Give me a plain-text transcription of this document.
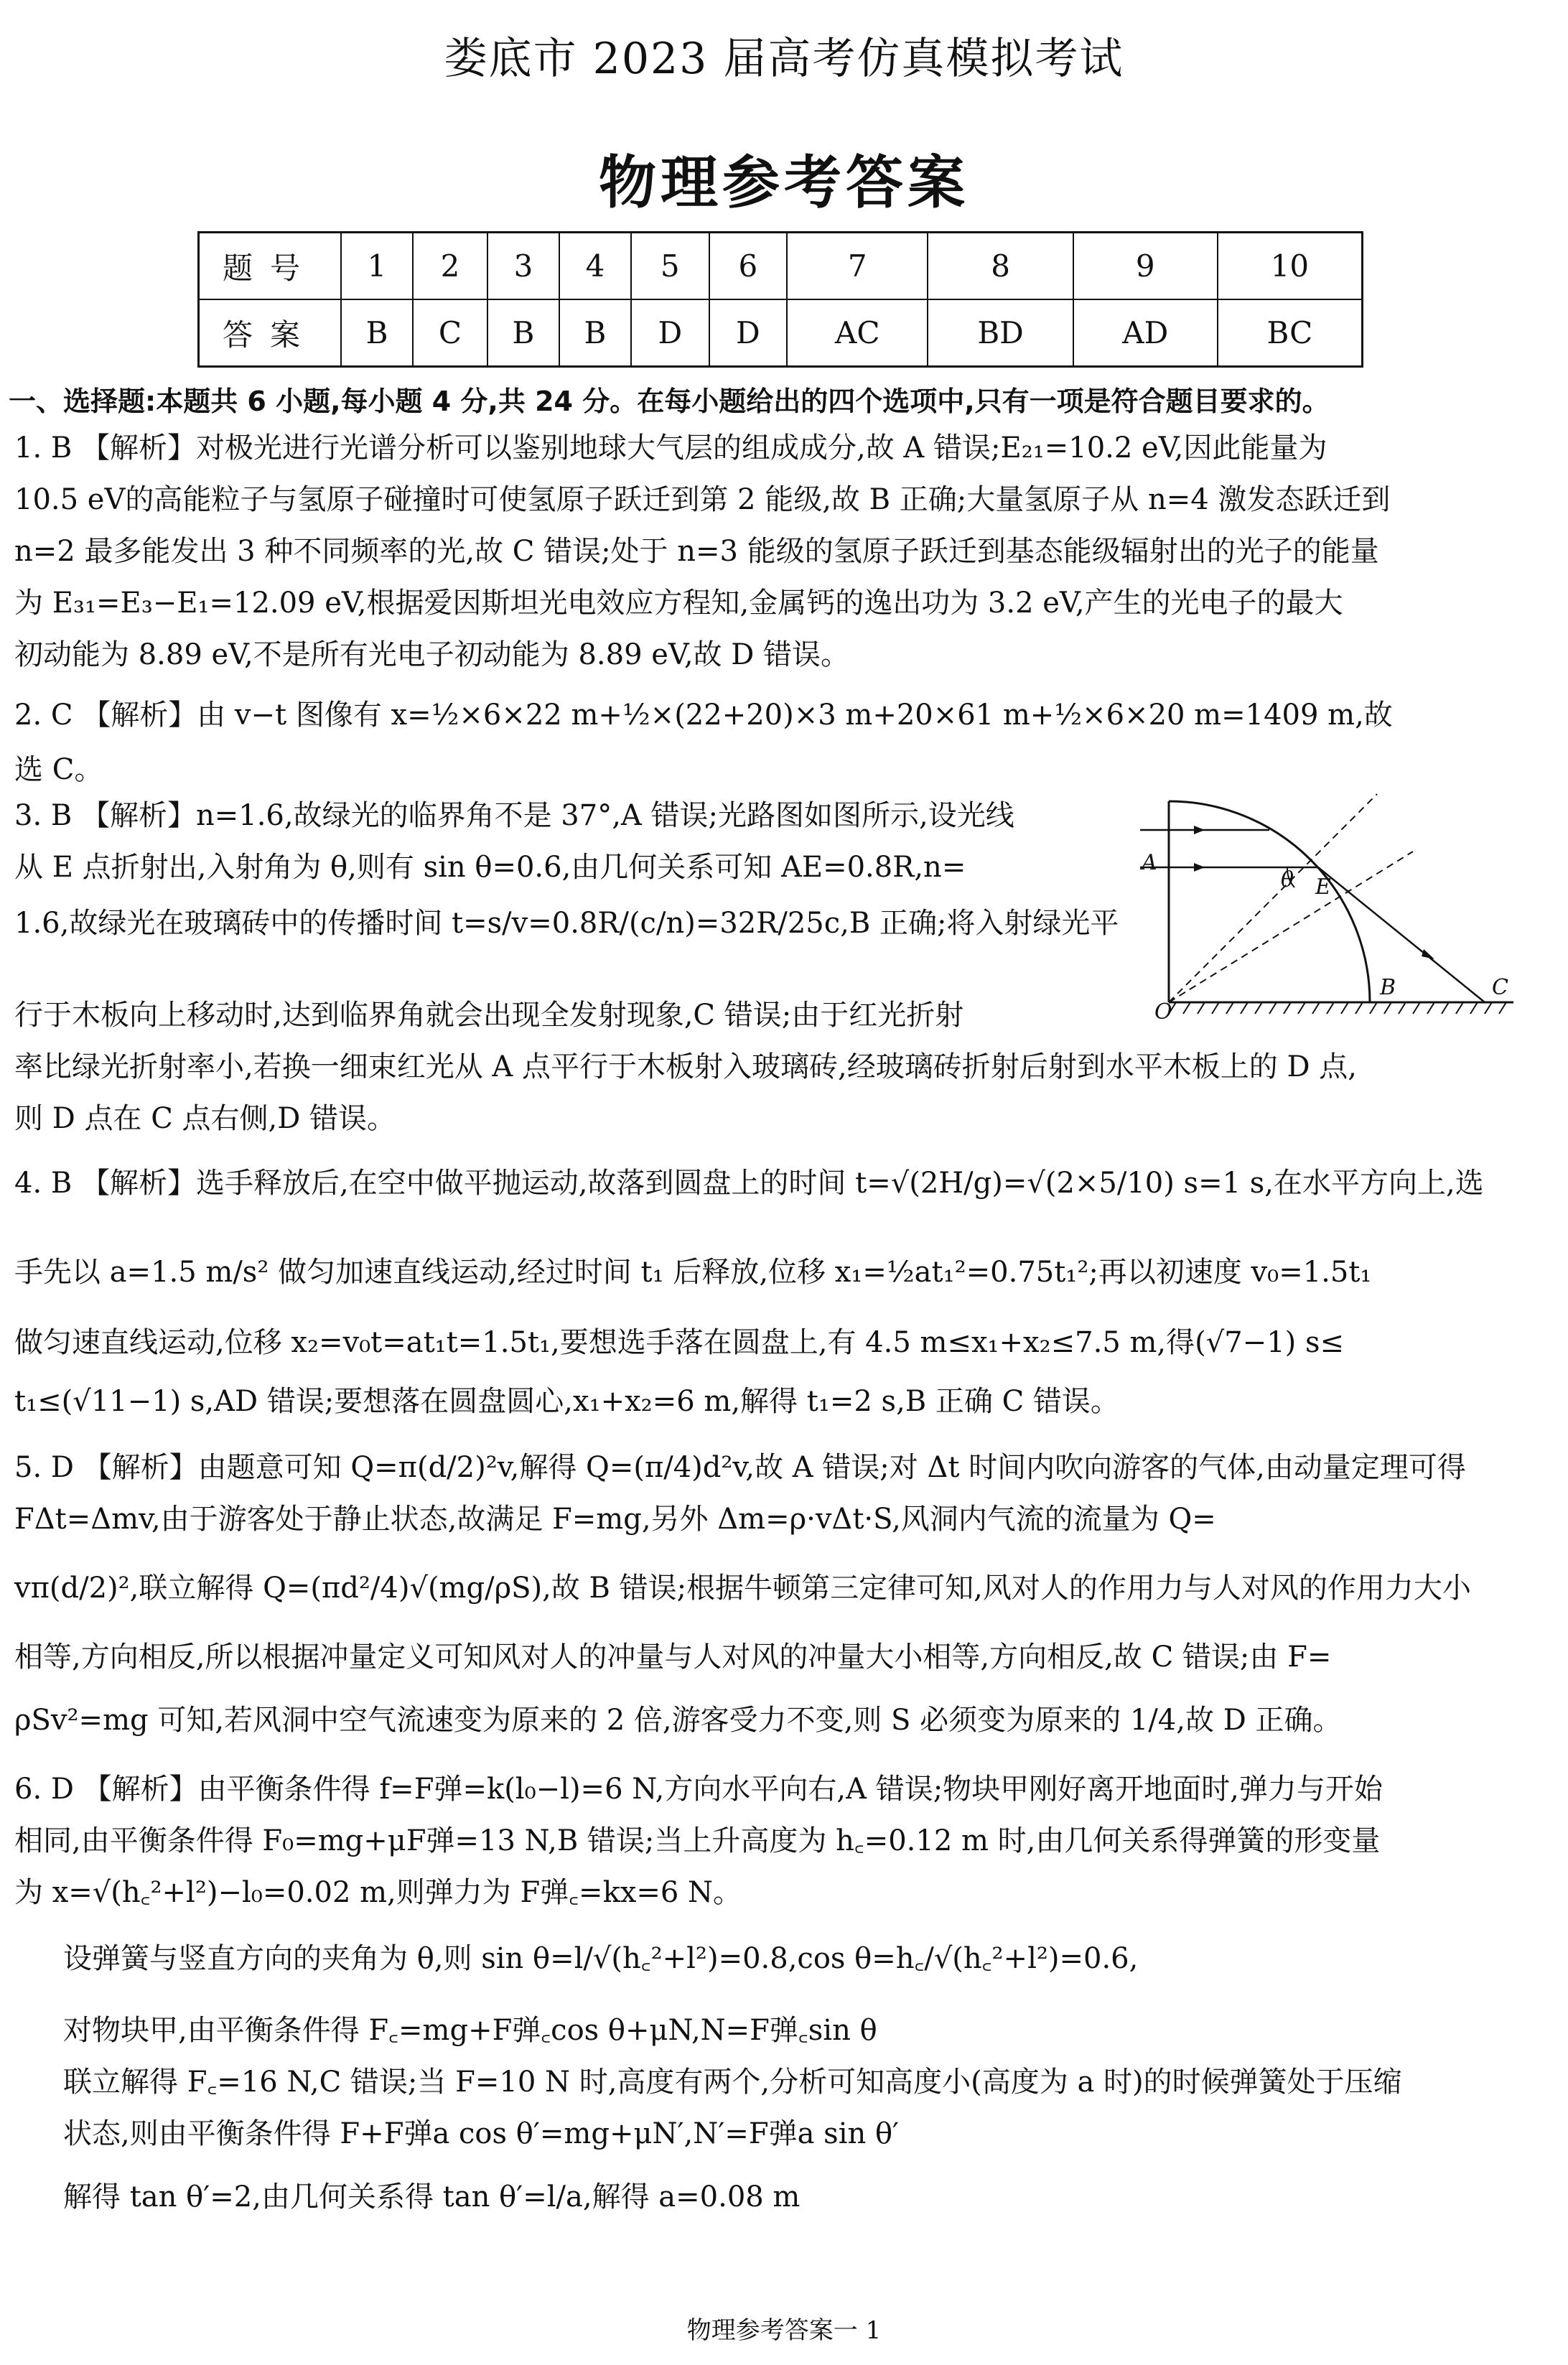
娄底市 2023 届高考仿真模拟考试
物理参考答案
题号	1	2	3	4	5	6	7	8	9	10
答案	B	C	B	B	D	D	AC	BD	AD	BC
一、选择题:本题共 6 小题,每小题 4 分,共 24 分。在每小题给出的四个选项中,只有一项是符合题目要求的。
1. B 【解析】对极光进行光谱分析可以鉴别地球大气层的组成成分,故 A 错误;E₂₁=10.2 eV,因此能量为
10.5 eV的高能粒子与氢原子碰撞时可使氢原子跃迁到第 2 能级,故 B 正确;大量氢原子从 n=4 激发态跃迁到
n=2 最多能发出 3 种不同频率的光,故 C 错误;处于 n=3 能级的氢原子跃迁到基态能级辐射出的光子的能量
为 E₃₁=E₃−E₁=12.09 eV,根据爱因斯坦光电效应方程知,金属钙的逸出功为 3.2 eV,产生的光电子的最大
初动能为 8.89 eV,不是所有光电子初动能为 8.89 eV,故 D 错误。
2. C 【解析】由 v−t 图像有 x=½×6×22 m+½×(22+20)×3 m+20×61 m+½×6×20 m=1409 m,故
选 C。
3. B 【解析】n=1.6,故绿光的临界角不是 37°,A 错误;光路图如图所示,设光线
从 E 点折射出,入射角为 θ,则有 sin θ=0.6,由几何关系可知 AE=0.8R,n=
1.6,故绿光在玻璃砖中的传播时间 t=s/v=0.8R/(c/n)=32R/25c,B 正确;将入射绿光平
行于木板向上移动时,达到临界角就会出现全发射现象,C 错误;由于红光折射
率比绿光折射率小,若换一细束红光从 A 点平行于木板射入玻璃砖,经玻璃砖折射后射到水平木板上的 D 点,
则 D 点在 C 点右侧,D 错误。
A
E
θ
O
B	C
4. B 【解析】选手释放后,在空中做平抛运动,故落到圆盘上的时间 t=√(2H/g)=√(2×5/10) s=1 s,在水平方向上,选
手先以 a=1.5 m/s² 做匀加速直线运动,经过时间 t₁ 后释放,位移 x₁=½at₁²=0.75t₁²;再以初速度 v₀=1.5t₁
做匀速直线运动,位移 x₂=v₀t=at₁t=1.5t₁,要想选手落在圆盘上,有 4.5 m≤x₁+x₂≤7.5 m,得(√7−1) s≤
t₁≤(√11−1) s,AD 错误;要想落在圆盘圆心,x₁+x₂=6 m,解得 t₁=2 s,B 正确 C 错误。
5. D 【解析】由题意可知 Q=π(d/2)²v,解得 Q=(π/4)d²v,故 A 错误;对 Δt 时间内吹向游客的气体,由动量定理可得
FΔt=Δmv,由于游客处于静止状态,故满足 F=mg,另外 Δm=ρ·vΔt·S,风洞内气流的流量为 Q=
vπ(d/2)²,联立解得 Q=(πd²/4)√(mg/ρS),故 B 错误;根据牛顿第三定律可知,风对人的作用力与人对风的作用力大小
相等,方向相反,所以根据冲量定义可知风对人的冲量与人对风的冲量大小相等,方向相反,故 C 错误;由 F=
ρSv²=mg 可知,若风洞中空气流速变为原来的 2 倍,游客受力不变,则 S 必须变为原来的 1/4,故 D 正确。
6. D 【解析】由平衡条件得 f=F弹=k(l₀−l)=6 N,方向水平向右,A 错误;物块甲刚好离开地面时,弹力与开始
相同,由平衡条件得 F₀=mg+μF弹=13 N,B 错误;当上升高度为 h꜀=0.12 m 时,由几何关系得弹簧的形变量
为 x=√(h꜀²+l²)−l₀=0.02 m,则弹力为 F弹꜀=kx=6 N。
设弹簧与竖直方向的夹角为 θ,则 sin θ=l/√(h꜀²+l²)=0.8,cos θ=h꜀/√(h꜀²+l²)=0.6,
对物块甲,由平衡条件得 F꜀=mg+F弹꜀cos θ+μN,N=F弹꜀sin θ
联立解得 F꜀=16 N,C 错误;当 F=10 N 时,高度有两个,分析可知高度小(高度为 a 时)的时候弹簧处于压缩
状态,则由平衡条件得 F+F弹a cos θ′=mg+μN′,N′=F弹a sin θ′
解得 tan θ′=2,由几何关系得 tan θ′=l/a,解得 a=0.08 m
物理参考答案一 1
